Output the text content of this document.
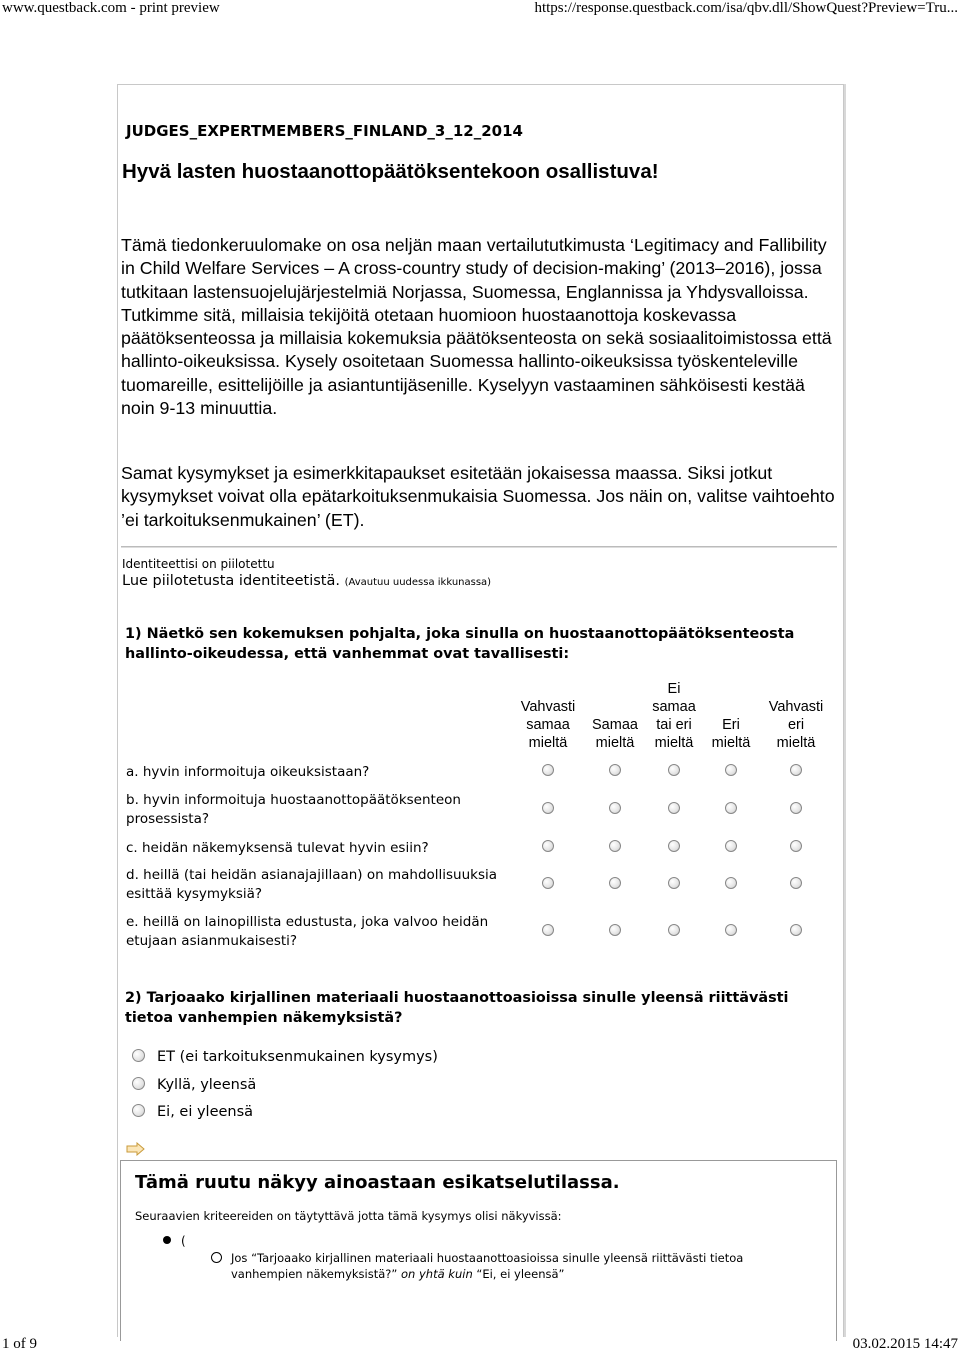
www.questback.com - print preview	https://response.questback.com/isa/qbv.dll/ShowQuest?Preview=Tru...
JUDGES_EXPERTMEMBERS_FINLAND_3_12_2014
Hyvä lasten huostaanottopäätöksentekoon osallistuva!

Tämä tiedonkeruulomake on osa neljän maan vertailututkimusta ‘Legitimacy and Fallibility in Child Welfare Services – A cross-country study of decision-making’ (2013–2016), jossa tutkitaan lastensuojelujärjestelmiä Norjassa, Suomessa, Englannissa ja Yhdysvalloissa. Tutkimme sitä, millaisia tekijöitä otetaan huomioon huostaanottoja koskevassa päätöksenteossa ja millaisia kokemuksia päätöksenteosta on sekä sosiaalitoimistossa että hallinto-oikeuksissa. Kysely osoitetaan Suomessa hallinto-oikeuksissa työskenteleville tuomareille, esittelijöille ja asiantuntijäsenille. Kyselyyn vastaaminen sähköisesti kestää noin 9-13 minuuttia.

Samat kysymykset ja esimerkkitapaukset esitetään jokaisessa maassa. Siksi jotkut kysymykset voivat olla epätarkoituksenmukaisia Suomessa. Jos näin on, valitse vaihtoehto ’ei tarkoituksenmukainen’ (ET).

Identiteettisi on piilotettu
Lue piilotetusta identiteetistä. (Avautuu uudessa ikkunassa)

1) Näetkö sen kokemuksen pohjalta, joka sinulla on huostaanottopäätöksenteosta hallinto-oikeudessa, että vanhemmat ovat tavallisesti:

	Vahvasti
samaa
mieltä	Samaa
mieltä	Ei
samaa
tai eri
mieltä	Eri
mieltä	Vahvasti
eri
mieltä
a. hyvin informoituja oikeuksistaan?					
b. hyvin informoituja huostaanottopäätöksenteon prosessista?					
c. heidän näkemyksensä tulevat hyvin esiin?					
d. heillä (tai heidän asianajajillaan) on mahdollisuuksia esittää kysymyksiä?					
e. heillä on lainopillista edustusta, joka valvoo heidän etujaan asianmukaisesti?					

2) Tarjoaako kirjallinen materiaali huostaanottoasioissa sinulle yleensä riittävästi tietoa vanhempien näkemyksistä?

ET (ei tarkoituksenmukainen kysymys)
Kyllä, yleensä
Ei, ei yleensä
Tämä ruutu näkyy ainoastaan esikatselutilassa.
Seuraavien kriteereiden on täytyttävä jotta tämä kysymys olisi näkyvissä:
(
Jos “Tarjoaako kirjallinen materiaali huostaanottoasioissa sinulle yleensä riittävästi tietoa vanhempien näkemyksistä?” on yhtä kuin “Ei, ei yleensä”
1 of 9	03.02.2015 14:47
